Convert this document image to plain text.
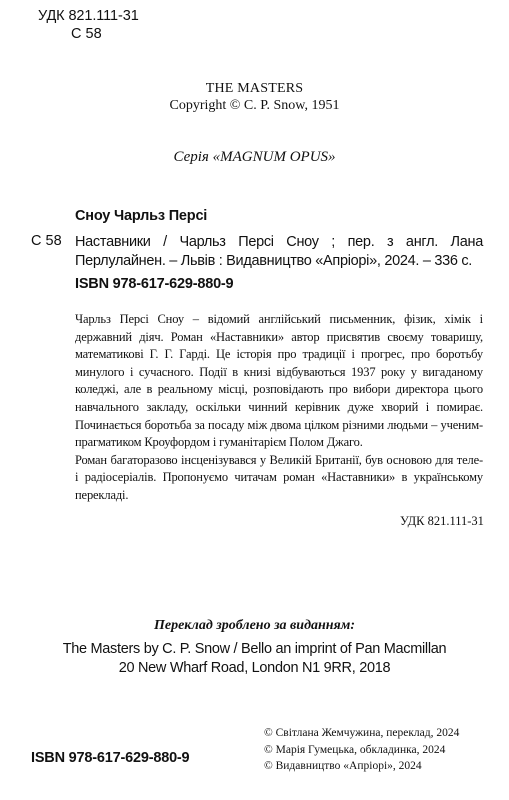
УДК 821.111-31
С 58
THE MASTERS
Copyright © C. P. Snow, 1951
Серія «MAGNUM OPUS»
Сноу Чарльз Персі
С 58 Наставники / Чарльз Персі Сноу ; пер. з англ. Лана Перлулайнен. – Львів : Видавництво «Апріорі», 2024. – 336 с.
ISBN 978-617-629-880-9

Чарльз Персі Сноу – відомий англійський письменник, фізик, хімік і державний діяч. Роман «Наставники» автор присвятив своєму товаришу, математикові Г. Г. Гарді. Це історія про традиції і прогрес, про боротьбу минулого і сучасного. Події в книзі відбуваються 1937 року у вигаданому коледжі, але в реальному місці, розповідають про вибори директора цього навчального закладу, оскільки чинний керівник дуже хворий і помирає. Починається боротьба за посаду між двома цілком різними людьми – ученим-прагматиком Кроуфордом і гуманітарієм Полом Джаго.

Роман багаторазово інсценізувався у Великій Британії, був основою для теле- і радіосеріалів. Пропонуємо читачам роман «Наставники» в українському перекладі.

УДК 821.111-31
Переклад зроблено за виданням:
The Masters by C. P. Snow / Bello an imprint of Pan Macmillan
20 New Wharf Road, London N1 9RR, 2018
© Світлана Жемчужина, переклад, 2024
© Марія Гумецька, обкладинка, 2024
© Видавництво «Апріорі», 2024
ISBN 978-617-629-880-9
